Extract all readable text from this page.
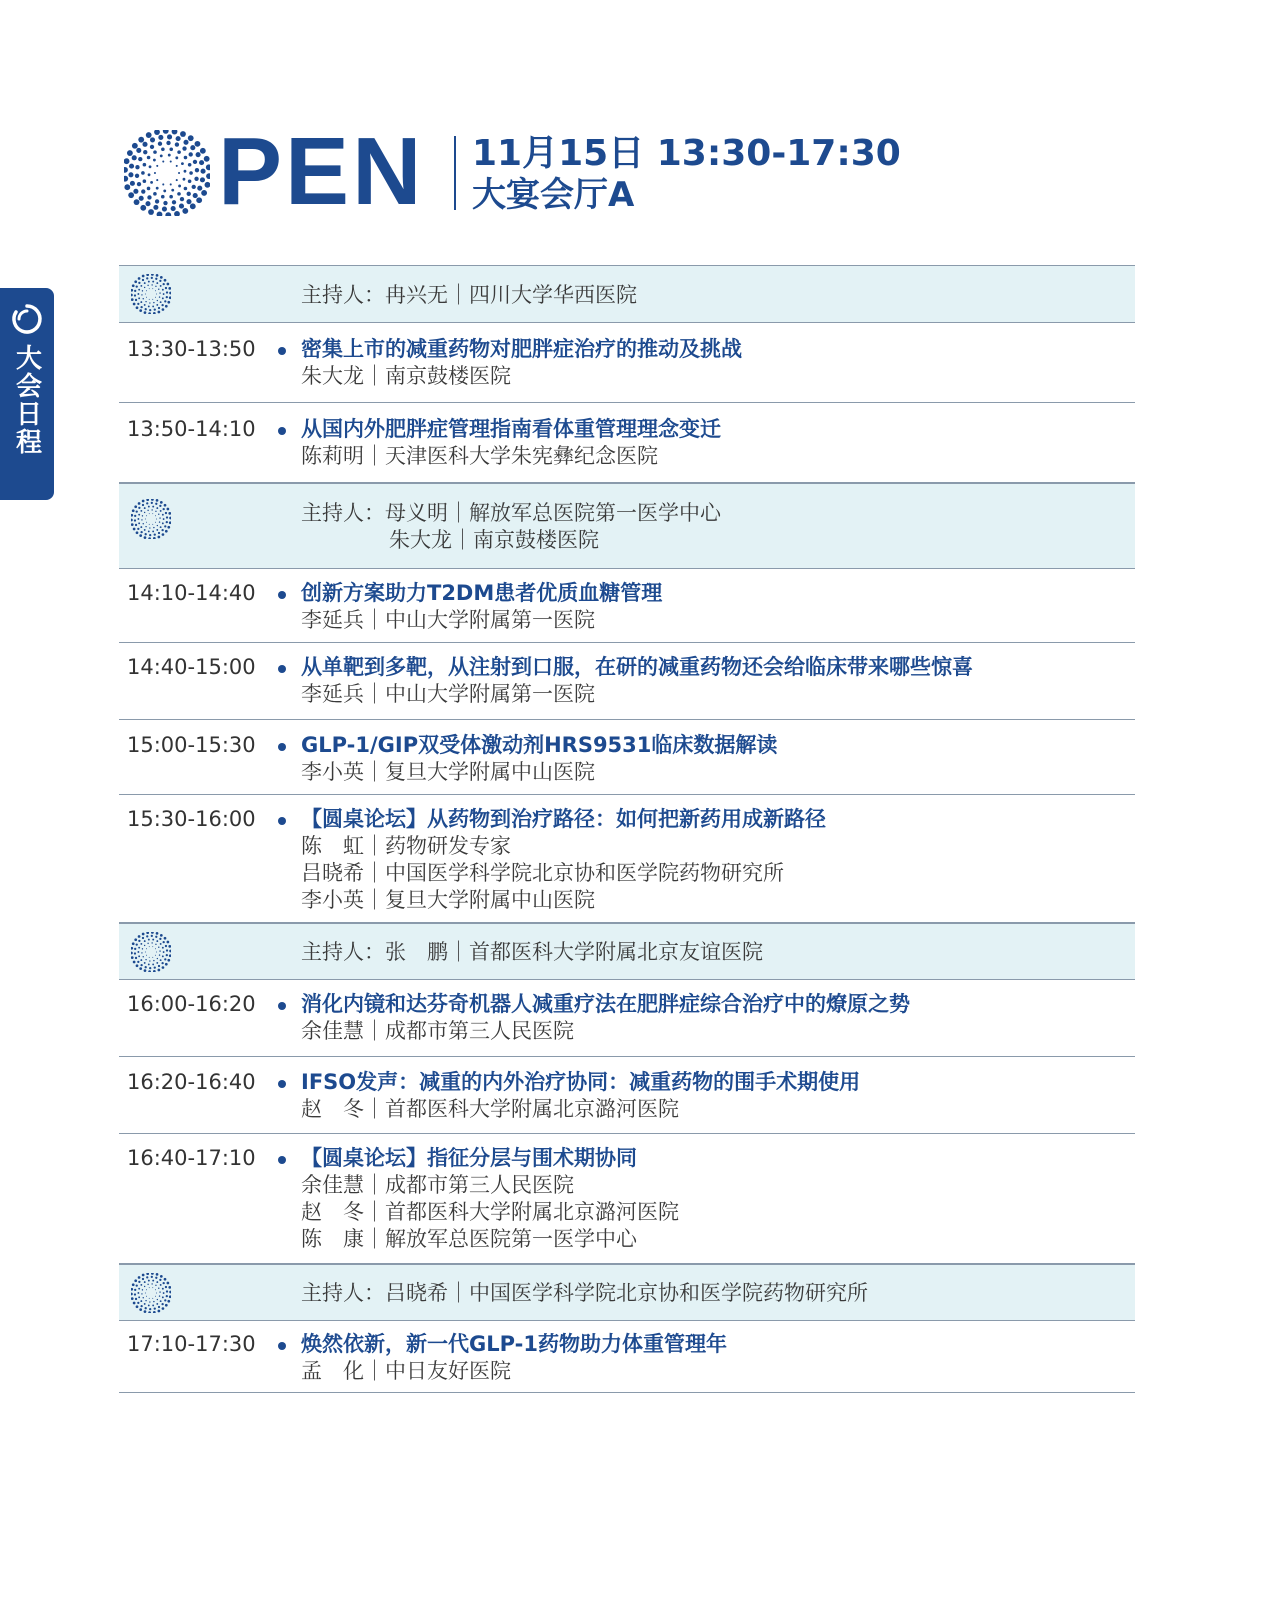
大会日程
PEN 11月15日 13:30-17:30
大宴会厅A
主持人：冉兴无｜四川大学华西医院
13:30-13:50 密集上市的减重药物对肥胖症治疗的推动及挑战
朱大龙｜南京鼓楼医院
13:50-14:10 从国内外肥胖症管理指南看体重管理理念变迁
陈莉明｜天津医科大学朱宪彝纪念医院
主持人：母义明｜解放军总医院第一医学中心
朱大龙｜南京鼓楼医院
14:10-14:40 创新方案助力T2DM患者优质血糖管理
李延兵｜中山大学附属第一医院
14:40-15:00 从单靶到多靶，从注射到口服，在研的减重药物还会给临床带来哪些惊喜
李延兵｜中山大学附属第一医院
15:00-15:30 GLP-1/GIP双受体激动剂HRS9531临床数据解读
李小英｜复旦大学附属中山医院
15:30-16:00 【圆桌论坛】从药物到治疗路径：如何把新药用成新路径
陈　虹｜药物研发专家
吕晓希｜中国医学科学院北京协和医学院药物研究所
李小英｜复旦大学附属中山医院
主持人：张　鹏｜首都医科大学附属北京友谊医院
16:00-16:20 消化内镜和达芬奇机器人减重疗法在肥胖症综合治疗中的燎原之势
余佳慧｜成都市第三人民医院
16:20-16:40 IFSO发声：减重的内外治疗协同：减重药物的围手术期使用
赵　冬｜首都医科大学附属北京潞河医院
16:40-17:10 【圆桌论坛】指征分层与围术期协同
余佳慧｜成都市第三人民医院
赵　冬｜首都医科大学附属北京潞河医院
陈　康｜解放军总医院第一医学中心
主持人：吕晓希｜中国医学科学院北京协和医学院药物研究所
17:10-17:30 焕然依新，新一代GLP-1药物助力体重管理年
孟　化｜中日友好医院
